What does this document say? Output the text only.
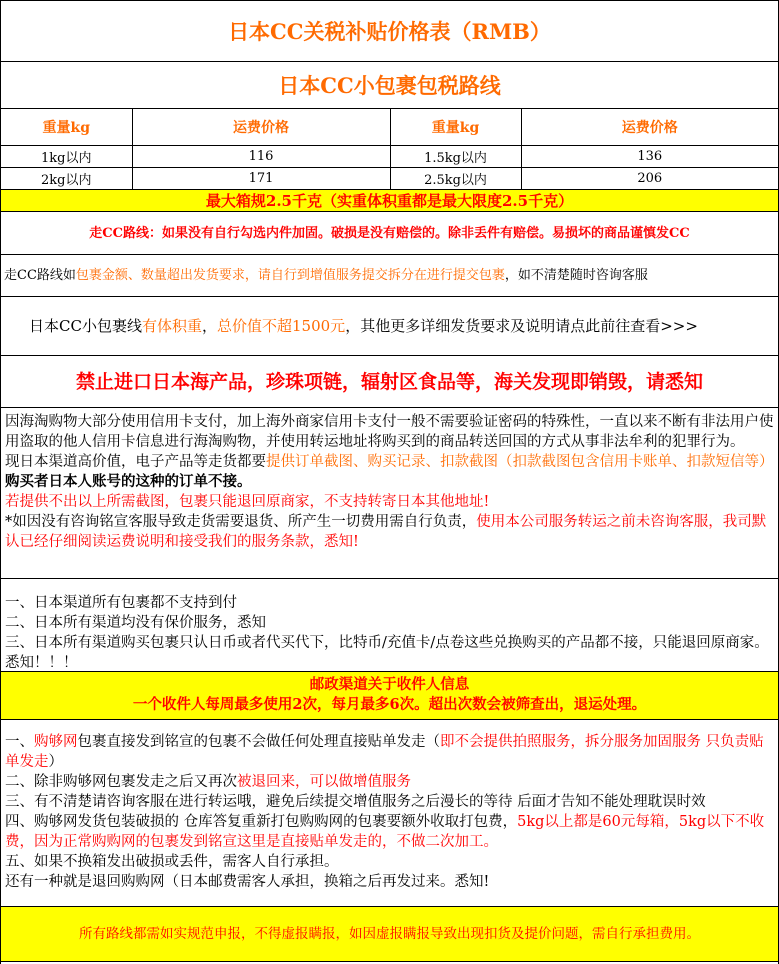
日本CC关税补贴价格表（RMB）
日本CC小包裹包税路线
重量kg	运费价格	重量kg	运费价格
1kg以内	116	1.5kg以内	136
2kg以内	171	2.5kg以内	206
最大箱规2.5千克（实重体积重都是最大限度2.5千克）
走CC路线：如果没有自行勾选内件加固。破损是没有赔偿的。除非丢件有赔偿。易损坏的商品谨慎发CC
走CC路线如包裹金额、数量超出发货要求，请自行到增值服务提交拆分在进行提交包裹，如不清楚随时咨询客服
日本CC小包裹线有体积重，总价值不超1500元，其他更多详细发货要求及说明请点此前往查看>>>
禁止进口日本海产品，珍珠项链，辐射区食品等，海关发现即销毁，请悉知

因海淘购物大部分使用信用卡支付，加上海外商家信用卡支付一般不需要验证密码的特殊性，一直以来不断有非法用户使用盗取的他人信用卡信息进行海淘购物，并使用转运地址将购买到的商品转送回国的方式从事非法牟利的犯罪行为。

现日本渠道高价值，电子产品等走货都要提供订单截图、购买记录、扣款截图（扣款截图包含信用卡账单、扣款短信等）购买者日本人账号的这种的订单不接。

若提供不出以上所需截图，包裹只能退回原商家，不支持转寄日本其他地址!

*如因没有咨询铭宣客服导致走货需要退货、所产生一切费用需自行负责，使用本公司服务转运之前未咨询客服，我司默认已经仔细阅读运费说明和接受我们的服务条款，悉知!

一、日本渠道所有包裹都不支持到付

二、日本所有渠道均没有保价服务，悉知

三、日本所有渠道购买包裹只认日币或者代买代下，比特币/充值卡/点卷这些兑换购买的产品都不接，只能退回原商家。悉知！！！

邮政渠道关于收件人信息
一个收件人每周最多使用2次，每月最多6次。超出次数会被筛查出，退运处理。

一、购够网包裹直接发到铭宣的包裹不会做任何处理直接贴单发走（即不会提供拍照服务，拆分服务加固服务 只负责贴单发走）

二、除非购够网包裹发走之后又再次被退回来，可以做增值服务

三、有不清楚请咨询客服在进行转运哦，避免后续提交增值服务之后漫长的等待 后面才告知不能处理耽误时效

四、购够网发货包装破损的 仓库答复重新打包购购网的包裹要额外收取打包费，5kg以上都是60元每箱，5kg以下不收费，因为正常购购网的包裹发到铭宣这里是直接贴单发走的，不做二次加工。

五、如果不换箱发出破损或丢件，需客人自行承担。

还有一种就是退回购购网（日本邮费需客人承担，换箱之后再发过来。悉知!

所有路线都需如实规范申报，不得虚报瞒报，如因虚报瞒报导致出现扣货及提价问题，需自行承担费用。
